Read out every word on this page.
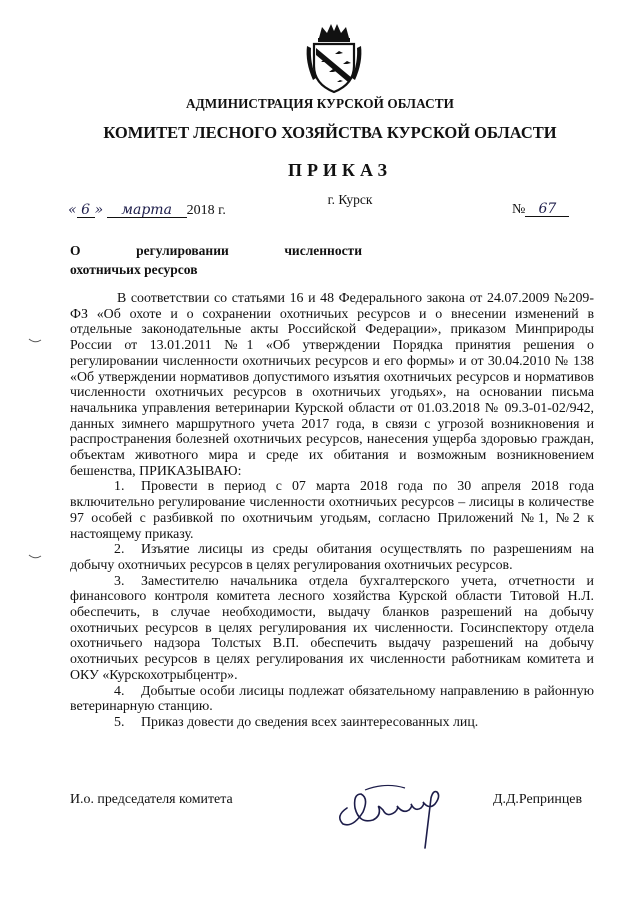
АДМИНИСТРАЦИЯ КУРСКОЙ ОБЛАСТИ
КОМИТЕТ ЛЕСНОГО ХОЗЯЙСТВА КУРСКОЙ ОБЛАСТИ
ПРИКАЗ
г. Курск
« 6 » марта 2018 г.	№ 67
О	регулировании	численности
охотничьих ресурсов

В соответствии со статьями 16 и 48 Федерального закона от 24.07.2009 №209-ФЗ «Об охоте и о сохранении охотничьих ресурсов и о внесении изменений в отдельные законодательные акты Российской Федерации», приказом Минприроды России от 13.01.2011 №1 «Об утверждении Порядка принятия решения о регулировании численности охотничьих ресурсов и его формы» и от 30.04.2010 № 138 «Об утверждении нормативов допустимого изъятия охотничьих ресурсов и нормативов численности охотничьих ресурсов в охотничьих угодьях», на основании письма начальника управления ветеринарии Курской области от 01.03.2018 № 09.3-01-02/942, данных зимнего маршрутного учета 2017 года, в связи с угрозой возникновения и распространения болезней охотничьих ресурсов, нанесения ущерба здоровью граждан, объектам животного мира и среде их обитания и возможным возникновением бешенства, ПРИКАЗЫВАЮ:

1. Провести в период с 07 марта 2018 года по 30 апреля 2018 года включительно регулирование численности охотничьих ресурсов – лисицы в количестве 97 особей с разбивкой по охотничьим угодьям, согласно Приложений №1, №2 к настоящему приказу.

2. Изъятие лисицы из среды обитания осуществлять по разрешениям на добычу охотничьих ресурсов в целях регулирования охотничьих ресурсов.

3. Заместителю начальника отдела бухгалтерского учета, отчетности и финансового контроля комитета лесного хозяйства Курской области Титовой Н.Л. обеспечить, в случае необходимости, выдачу бланков разрешений на добычу охотничьих ресурсов в целях регулирования их численности. Госинспектору отдела охотничьего надзора Толстых В.П. обеспечить выдачу разрешений на добычу охотничьих ресурсов в целях регулирования их численности работникам комитета и ОКУ «Курскохотрыбцентр».

4. Добытые особи лисицы подлежат обязательному направлению в районную ветеринарную станцию.

5. Приказ довести до сведения всех заинтересованных лиц.

И.о. председателя комитета	Д.Д.Репринцев
